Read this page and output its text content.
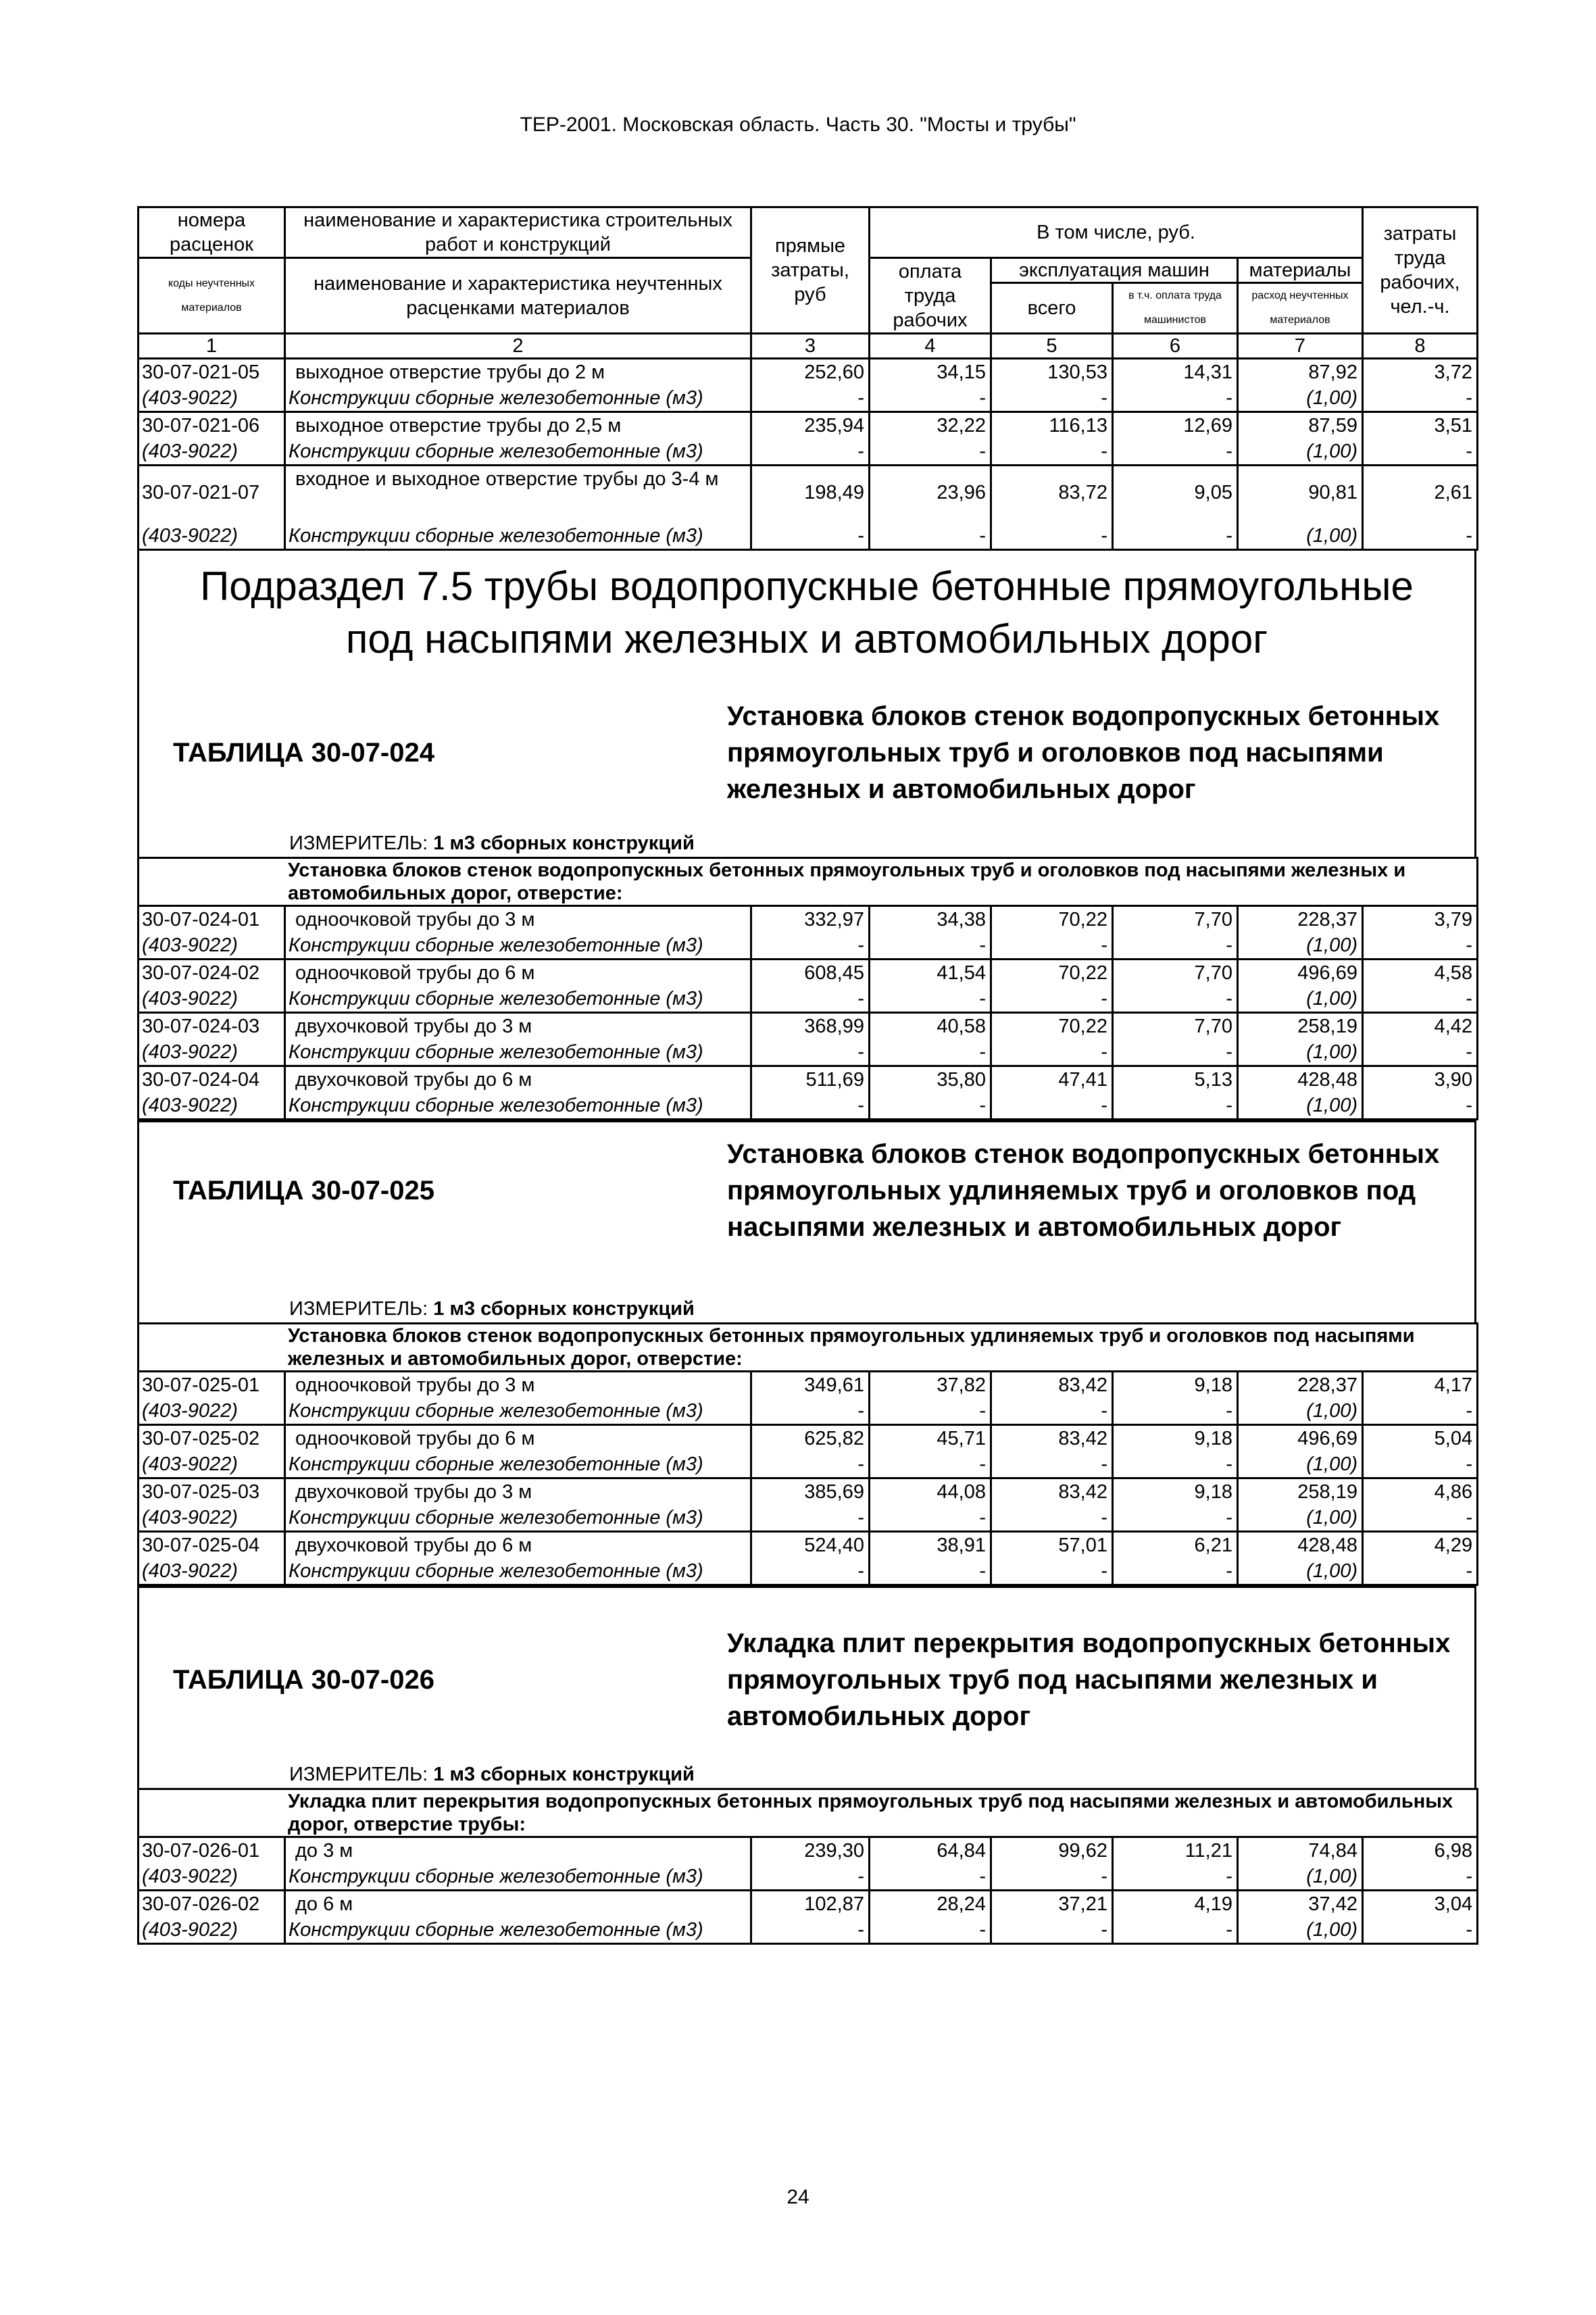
ТЕР-2001. Московская область. Часть 30. "Мосты и трубы"
номера расценок	наименование и характеристика строительных работ и конструкций	прямые затраты, руб	В том числе, руб.				затраты труда рабочих, чел.-ч.
коды неучтенных материалов	наименование и характеристика неучтенных расценками материалов		оплата труда рабочих	эксплуатация машин		материалы	
				всего	в т.ч. оплата труда машинистов	расход неучтенных материалов	
1	2	3	4	5	6	7	8
30-07-021-05	выходное отверстие трубы до 2 м	252,60	34,15	130,53	14,31	87,92	3,72
(403-9022)	Конструкции сборные железобетонные (м3)	-	-	-	-	(1,00)	-
30-07-021-06	выходное отверстие трубы до 2,5 м	235,94	32,22	116,13	12,69	87,59	3,51
(403-9022)	Конструкции сборные железобетонные (м3)	-	-	-	-	(1,00)	-
30-07-021-07	входное и выходное отверстие трубы до 3-4 м	198,49	23,96	83,72	9,05	90,81	2,61
(403-9022)	Конструкции сборные железобетонные (м3)	-	-	-	-	(1,00)	-
Подраздел 7.5 трубы водопропускные бетонные прямоугольные
под насыпями железных и автомобильных дорог
ТАБЛИЦА 30-07-024
Установка блоков стенок водопропускных бетонных прямоугольных труб и оголовков под насыпями железных и автомобильных дорог
ИЗМЕРИТЕЛЬ: 1 м3 сборных конструкций
Установка блоков стенок водопропускных бетонных прямоугольных труб и оголовков под насыпями железных и автомобильных дорог, отверстие:							
30-07-024-01	одноочковой трубы до 3 м	332,97	34,38	70,22	7,70	228,37	3,79
(403-9022)	Конструкции сборные железобетонные (м3)	-	-	-	-	(1,00)	-
30-07-024-02	одноочковой трубы до 6 м	608,45	41,54	70,22	7,70	496,69	4,58
(403-9022)	Конструкции сборные железобетонные (м3)	-	-	-	-	(1,00)	-
30-07-024-03	двухочковой трубы до 3 м	368,99	40,58	70,22	7,70	258,19	4,42
(403-9022)	Конструкции сборные железобетонные (м3)	-	-	-	-	(1,00)	-
30-07-024-04	двухочковой трубы до 6 м	511,69	35,80	47,41	5,13	428,48	3,90
(403-9022)	Конструкции сборные железобетонные (м3)	-	-	-	-	(1,00)	-
ТАБЛИЦА 30-07-025
Установка блоков стенок водопропускных бетонных прямоугольных удлиняемых труб и оголовков под насыпями железных и автомобильных дорог
ИЗМЕРИТЕЛЬ: 1 м3 сборных конструкций
Установка блоков стенок водопропускных бетонных прямоугольных удлиняемых труб и оголовков под насыпями железных и автомобильных дорог, отверстие:							
30-07-025-01	одноочковой трубы до 3 м	349,61	37,82	83,42	9,18	228,37	4,17
(403-9022)	Конструкции сборные железобетонные (м3)	-	-	-	-	(1,00)	-
30-07-025-02	одноочковой трубы до 6 м	625,82	45,71	83,42	9,18	496,69	5,04
(403-9022)	Конструкции сборные железобетонные (м3)	-	-	-	-	(1,00)	-
30-07-025-03	двухочковой трубы до 3 м	385,69	44,08	83,42	9,18	258,19	4,86
(403-9022)	Конструкции сборные железобетонные (м3)	-	-	-	-	(1,00)	-
30-07-025-04	двухочковой трубы до 6 м	524,40	38,91	57,01	6,21	428,48	4,29
(403-9022)	Конструкции сборные железобетонные (м3)	-	-	-	-	(1,00)	-
ТАБЛИЦА 30-07-026
Укладка плит перекрытия водопропускных бетонных прямоугольных труб под насыпями железных и автомобильных дорог
ИЗМЕРИТЕЛЬ: 1 м3 сборных конструкций
Укладка плит перекрытия водопропускных бетонных прямоугольных труб под насыпями железных и автомобильных дорог, отверстие трубы:							
30-07-026-01	до 3 м	239,30	64,84	99,62	11,21	74,84	6,98
(403-9022)	Конструкции сборные железобетонные (м3)	-	-	-	-	(1,00)	-
30-07-026-02	до 6 м	102,87	28,24	37,21	4,19	37,42	3,04
(403-9022)	Конструкции сборные железобетонные (м3)	-	-	-	-	(1,00)	-
24
